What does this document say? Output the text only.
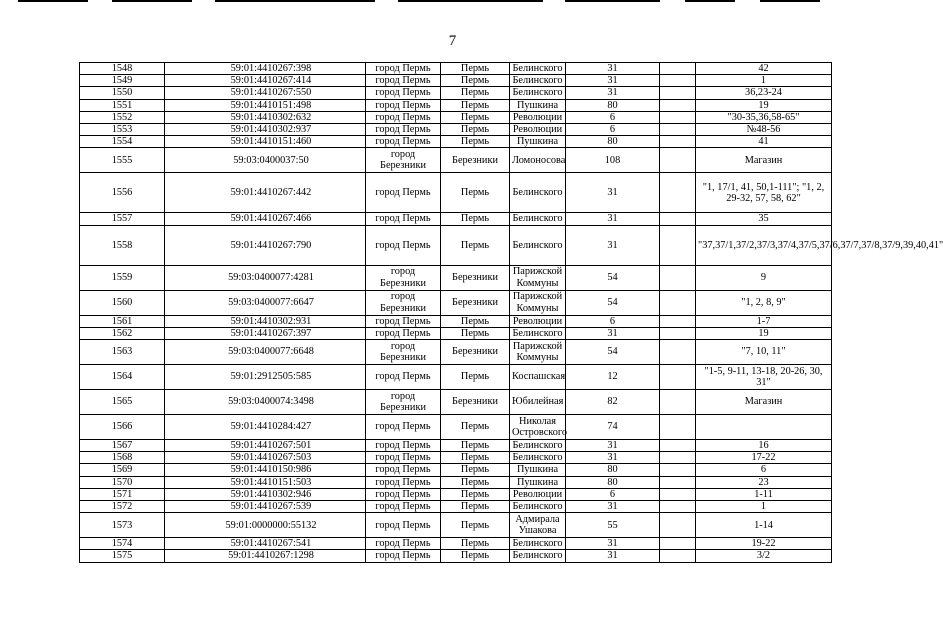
7
1548	59:01:4410267:398	город Пермь	Пермь	Белинского	31		42
1549	59:01:4410267:414	город Пермь	Пермь	Белинского	31		1
1550	59:01:4410267:550	город Пермь	Пермь	Белинского	31		36,23-24
1551	59:01:4410151:498	город Пермь	Пермь	Пушкина	80		19
1552	59:01:4410302:632	город Пермь	Пермь	Революции	6		"30-35,36,58-65"
1553	59:01:4410302:937	город Пермь	Пермь	Революции	6		№48-56
1554	59:01:4410151:460	город Пермь	Пермь	Пушкина	80		41
1555	59:03:0400037:50	город Березники	Березники	Ломоносова	108		Магазин
1556	59:01:4410267:442	город Пермь	Пермь	Белинского	31		"1, 17/1, 41, 50,1-111"; "1, 2, 29-32, 57, 58, 62"
1557	59:01:4410267:466	город Пермь	Пермь	Белинского	31		35
1558	59:01:4410267:790	город Пермь	Пермь	Белинского	31		"37,37/1,37/2,37/3,37/4,37/5,37/6,37/7,37/8,37/9,39,40,41"
1559	59:03:0400077:4281	город Березники	Березники	Парижской Коммуны	54		9
1560	59:03:0400077:6647	город Березники	Березники	Парижской Коммуны	54		"1, 2, 8, 9"
1561	59:01:4410302:931	город Пермь	Пермь	Революции	6		1-7
1562	59:01:4410267:397	город Пермь	Пермь	Белинского	31		19
1563	59:03:0400077:6648	город Березники	Березники	Парижской Коммуны	54		"7, 10, 11"
1564	59:01:2912505:585	город Пермь	Пермь	Коспашская	12		"1-5, 9-11, 13-18, 20-26, 30, 31"
1565	59:03:0400074:3498	город Березники	Березники	Юбилейная	82		Магазин
1566	59:01:4410284:427	город Пермь	Пермь	Николая Островского	74		
1567	59:01:4410267:501	город Пермь	Пермь	Белинского	31		16
1568	59:01:4410267:503	город Пермь	Пермь	Белинского	31		17-22
1569	59:01:4410150:986	город Пермь	Пермь	Пушкина	80		6
1570	59:01:4410151:503	город Пермь	Пермь	Пушкина	80		23
1571	59:01:4410302:946	город Пермь	Пермь	Революции	6		1-11
1572	59:01:4410267:539	город Пермь	Пермь	Белинского	31		1
1573	59:01:0000000:55132	город Пермь	Пермь	Адмирала Ушакова	55		1-14
1574	59:01:4410267:541	город Пермь	Пермь	Белинского	31		19-22
1575	59:01:4410267:1298	город Пермь	Пермь	Белинского	31		3/2
